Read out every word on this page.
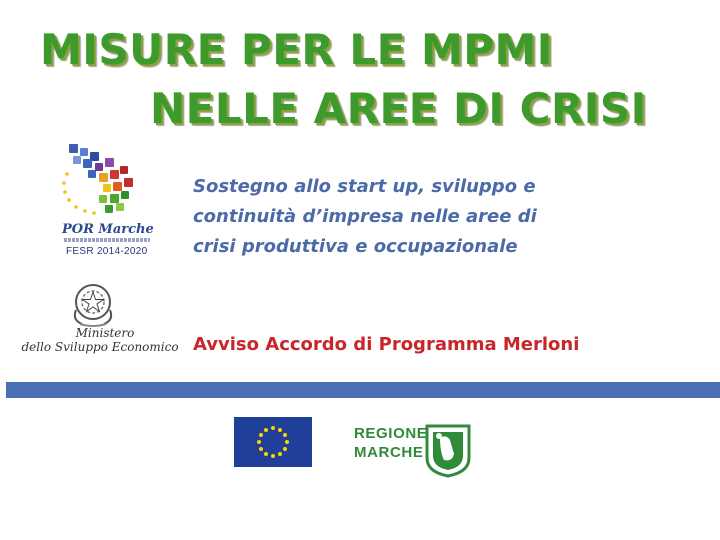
MISURE PER LE MPMI
NELLE AREE DI CRISI
POR Marche
FESR 2014-2020
Ministero
dello Sviluppo Economico
Sostegno allo start up, sviluppo e continuità d’impresa nelle aree di crisi produttiva e occupazionale
Avviso Accordo di Programma Merloni
REGIONE
MARCHE
